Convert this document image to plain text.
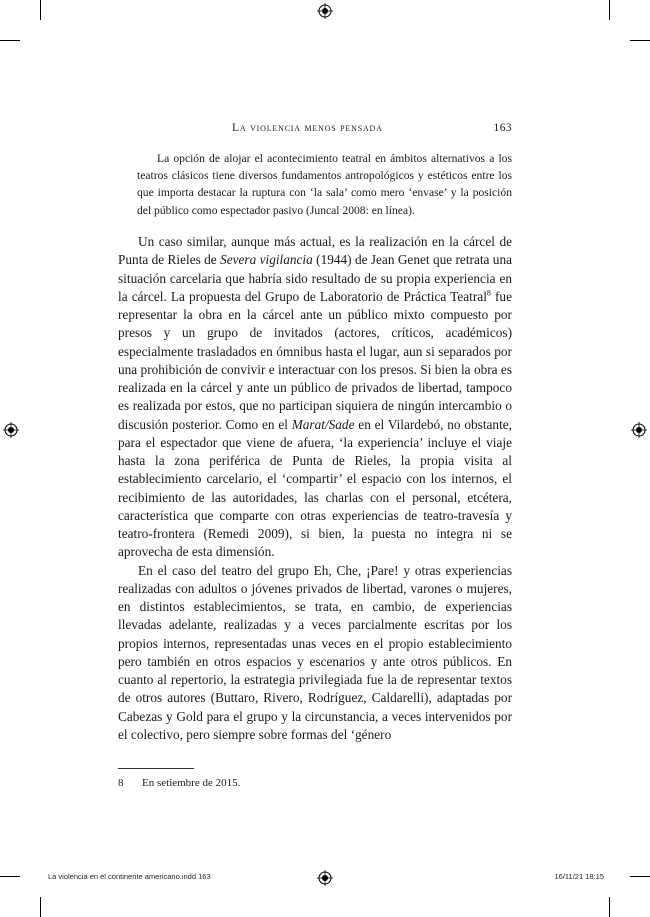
La violencia menos pensada	163

La opción de alojar el acontecimiento teatral en ámbitos alternativos a los teatros clásicos tiene diversos fundamentos antropológicos y estéticos entre los que importa destacar la ruptura con ‘la sala’ como mero ‘envase’ y la posición del público como espectador pasivo (Juncal 2008: en línea).

Un caso similar, aunque más actual, es la realización en la cárcel de Punta de Rieles de Severa vigilancia (1944) de Jean Genet que retrata una situación carcelaria que habría sido resultado de su propia experiencia en la cárcel. La propuesta del Grupo de Laboratorio de Práctica Teatral$^8$ fue representar la obra en la cárcel ante un público mixto compuesto por presos y un grupo de invitados (actores, críticos, académicos) especialmente trasladados en ómnibus hasta el lugar, aun si separados por una prohibición de convivir e interactuar con los presos. Si bien la obra es realizada en la cárcel y ante un público de privados de libertad, tampoco es realizada por estos, que no participan siquiera de ningún intercambio o discusión posterior. Como en el Marat/Sade en el Vilardebó, no obstante, para el espectador que viene de afuera, ‘la experiencia’ incluye el viaje hasta la zona periférica de Punta de Rieles, la propia visita al establecimiento carcelario, el ‘compartir’ el espacio con los internos, el recibimiento de las autoridades, las charlas con el personal, etcétera, característica que comparte con otras experiencias de teatro-travesía y teatro-frontera (Remedi 2009), si bien, la puesta no integra ni se aprovecha de esta dimensión.

En el caso del teatro del grupo Eh, Che, ¡Pare! y otras experiencias realizadas con adultos o jóvenes privados de libertad, varones o mujeres, en distintos establecimientos, se trata, en cambio, de experiencias llevadas adelante, realizadas y a veces parcialmente escritas por los propios internos, representadas unas veces en el propio establecimiento pero también en otros espacios y escenarios y ante otros públicos. En cuanto al repertorio, la estrategia privilegiada fue la de representar textos de otros autores (Buttaro, Rivero, Rodríguez, Caldarelli), adaptadas por Cabezas y Gold para el grupo y la circunstancia, a veces intervenidos por el colectivo, pero siempre sobre formas del ‘género

8 En setiembre de 2015.
La violencia en el continente americano.indd 163	16/11/21 18:15
